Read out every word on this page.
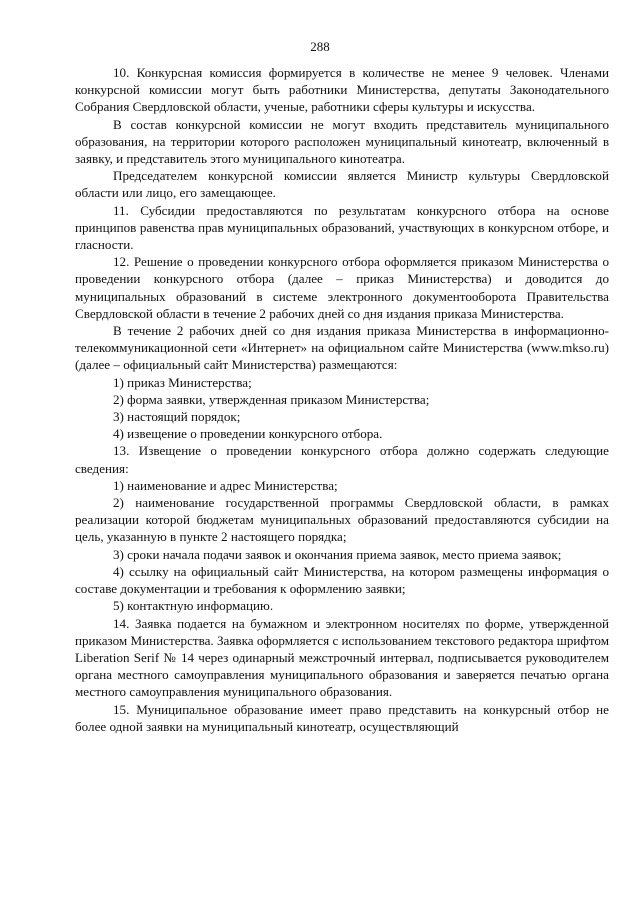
288

10. Конкурсная комиссия формируется в количестве не менее 9 человек. Членами конкурсной комиссии могут быть работники Министерства, депутаты Законодательного Собрания Свердловской области, ученые, работники сферы культуры и искусства.

В состав конкурсной комиссии не могут входить представитель муниципального образования, на территории которого расположен муниципальный кинотеатр, включенный в заявку, и представитель этого муниципального кинотеатра.

Председателем конкурсной комиссии является Министр культуры Свердловской области или лицо, его замещающее.

11. Субсидии предоставляются по результатам конкурсного отбора на основе принципов равенства прав муниципальных образований, участвующих в конкурсном отборе, и гласности.

12. Решение о проведении конкурсного отбора оформляется приказом Министерства о проведении конкурсного отбора (далее – приказ Министерства) и доводится до муниципальных образований в системе электронного документооборота Правительства Свердловской области в течение 2 рабочих дней со дня издания приказа Министерства.

В течение 2 рабочих дней со дня издания приказа Министерства в информационно-телекоммуникационной сети «Интернет» на официальном сайте Министерства (www.mkso.ru) (далее – официальный сайт Министерства) размещаются:

1) приказ Министерства;

2) форма заявки, утвержденная приказом Министерства;

3) настоящий порядок;

4) извещение о проведении конкурсного отбора.

13. Извещение о проведении конкурсного отбора должно содержать следующие сведения:

1) наименование и адрес Министерства;

2) наименование государственной программы Свердловской области, в рамках реализации которой бюджетам муниципальных образований предоставляются субсидии на цель, указанную в пункте 2 настоящего порядка;

3) сроки начала подачи заявок и окончания приема заявок, место приема заявок;

4) ссылку на официальный сайт Министерства, на котором размещены информация о составе документации и требования к оформлению заявки;

5) контактную информацию.

14. Заявка подается на бумажном и электронном носителях по форме, утвержденной приказом Министерства. Заявка оформляется с использованием текстового редактора шрифтом Liberation Serif № 14 через одинарный межстрочный интервал, подписывается руководителем органа местного самоуправления муниципального образования и заверяется печатью органа местного самоуправления муниципального образования.

15. Муниципальное образование имеет право представить на конкурсный отбор не более одной заявки на муниципальный кинотеатр, осуществляющий
